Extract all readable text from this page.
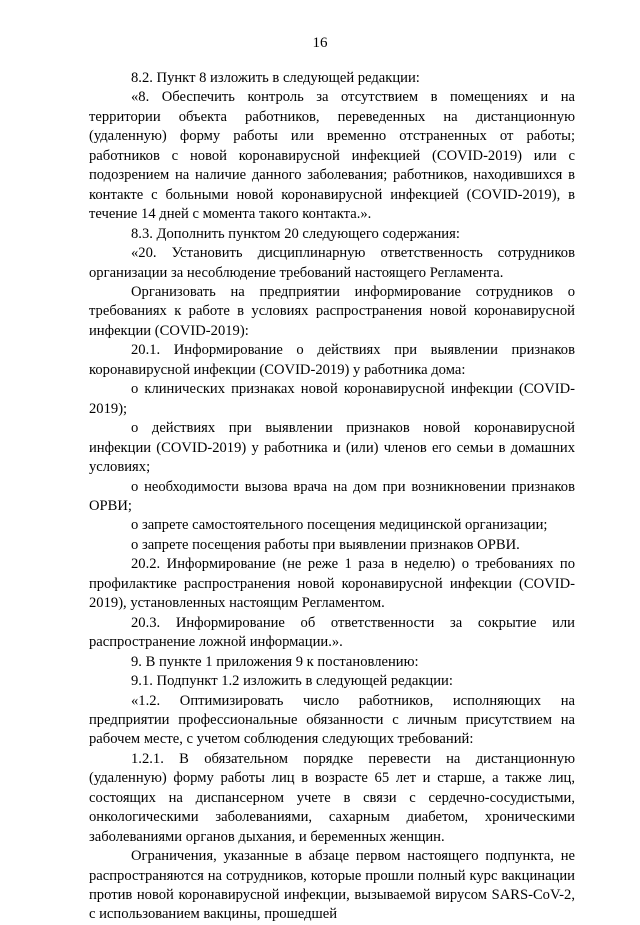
16

8.2. Пункт 8 изложить в следующей редакции:

«8. Обеспечить контроль за отсутствием в помещениях и на территории объекта работников, переведенных на дистанционную (удаленную) форму работы или временно отстраненных от работы; работников с новой коронавирусной инфекцией (COVID-2019) или с подозрением на наличие данного заболевания; работников, находившихся в контакте с больными новой коронавирусной инфекцией (COVID-2019), в течение 14 дней с момента такого контакта.».

8.3. Дополнить пунктом 20 следующего содержания:

«20. Установить дисциплинарную ответственность сотрудников организации за несоблюдение требований настоящего Регламента.

Организовать на предприятии информирование сотрудников о требованиях к работе в условиях распространения новой коронавирусной инфекции (COVID-2019):

20.1. Информирование о действиях при выявлении признаков коронавирусной инфекции (COVID-2019) у работника дома:

о клинических признаках новой коронавирусной инфекции (COVID-2019);

о действиях при выявлении признаков новой коронавирусной инфекции (COVID-2019) у работника и (или) членов его семьи в домашних условиях;

о необходимости вызова врача на дом при возникновении признаков ОРВИ;

о запрете самостоятельного посещения медицинской организации;

о запрете посещения работы при выявлении признаков ОРВИ.

20.2. Информирование (не реже 1 раза в неделю) о требованиях по профилактике распространения новой коронавирусной инфекции (COVID-2019), установленных настоящим Регламентом.

20.3. Информирование об ответственности за сокрытие или распространение ложной информации.».

9. В пункте 1 приложения 9 к постановлению:

9.1. Подпункт 1.2 изложить в следующей редакции:

«1.2. Оптимизировать число работников, исполняющих на предприятии профессиональные обязанности с личным присутствием на рабочем месте, с учетом соблюдения следующих требований:

1.2.1. В обязательном порядке перевести на дистанционную (удаленную) форму работы лиц в возрасте 65 лет и старше, а также лиц, состоящих на диспансерном учете в связи с сердечно-сосудистыми, онкологическими заболеваниями, сахарным диабетом, хроническими заболеваниями органов дыхания, и беременных женщин.

Ограничения, указанные в абзаце первом настоящего подпункта, не распространяются на сотрудников, которые прошли полный курс вакцинации против новой коронавирусной инфекции, вызываемой вирусом SARS-CoV-2, с использованием вакцины, прошедшей
